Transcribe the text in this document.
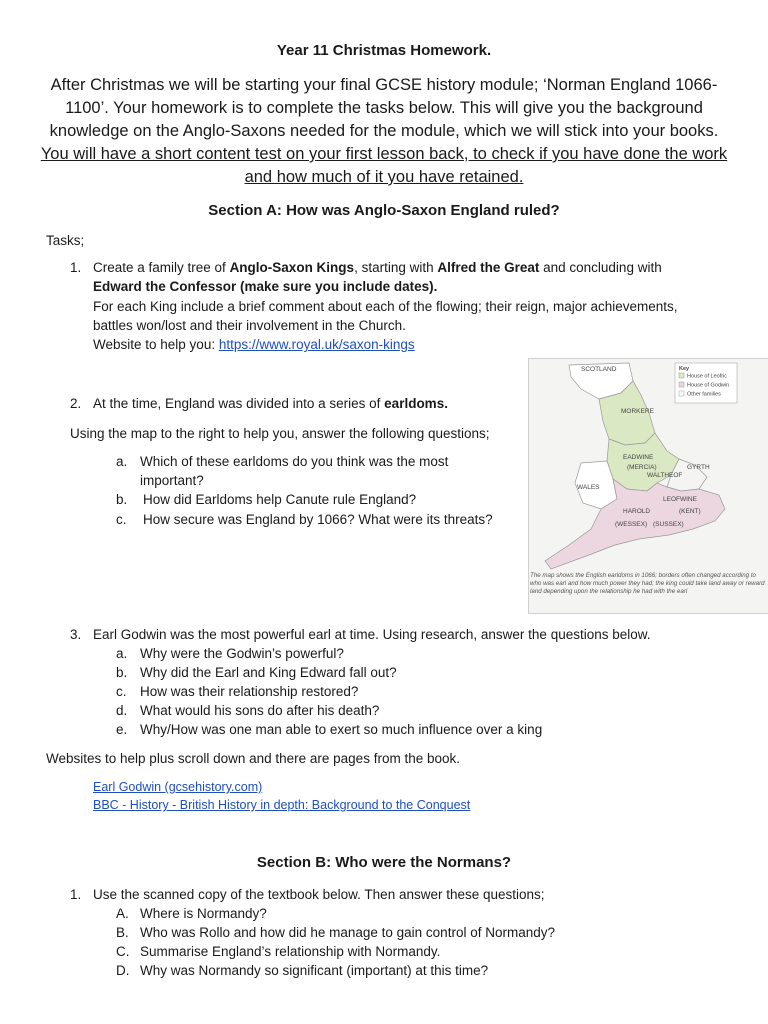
Year 11 Christmas Homework.
After Christmas we will be starting your final GCSE history module; ‘Norman England 1066-1100’. Your homework is to complete the tasks below. This will give you the background knowledge on the Anglo-Saxons needed for the module, which we will stick into your books. You will have a short content test on your first lesson back, to check if you have done the work and how much of it you have retained.
Section A: How was Anglo-Saxon England ruled?
Tasks;
1. Create a family tree of Anglo-Saxon Kings, starting with Alfred the Great and concluding with
Edward the Confessor (make sure you include dates).
For each King include a brief comment about each of the flowing; their reign, major achievements,
battles won/lost and their involvement in the Church.
Website to help you: https://www.royal.uk/saxon-kings
2. At the time, England was divided into a series of earldoms.
Using the map to the right to help you, answer the following questions;
a. Which of these earldoms do you think was the most
important?
b. How did Earldoms help Canute rule England?
c. How secure was England by 1066? What were its threats?
SCOTLAND
MORKERE
EADWINE
(MERCIA)
WALTHEOF
GYRTH
WALES
LEOFWINE
HAROLD	(KENT)
(WESSEX) (SUSSEX)
Key
House of Leofric
House of Godwin
Other families
The map shows the English earldoms in 1066; borders often changed according to who was earl and how much power they had; the king could take land away or reward land depending upon the relationship he had with the earl
3. Earl Godwin was the most powerful earl at time. Using research, answer the questions below.
a. Why were the Godwin’s powerful?
b. Why did the Earl and King Edward fall out?
c. How was their relationship restored?
d. What would his sons do after his death?
e. Why/How was one man able to exert so much influence over a king
Websites to help plus scroll down and there are pages from the book.
Earl Godwin (gcsehistory.com)
BBC - History - British History in depth: Background to the Conquest
Section B: Who were the Normans?
1. Use the scanned copy of the textbook below. Then answer these questions;
A. Where is Normandy?
B. Who was Rollo and how did he manage to gain control of Normandy?
C. Summarise England’s relationship with Normandy.
D. Why was Normandy so significant (important) at this time?
